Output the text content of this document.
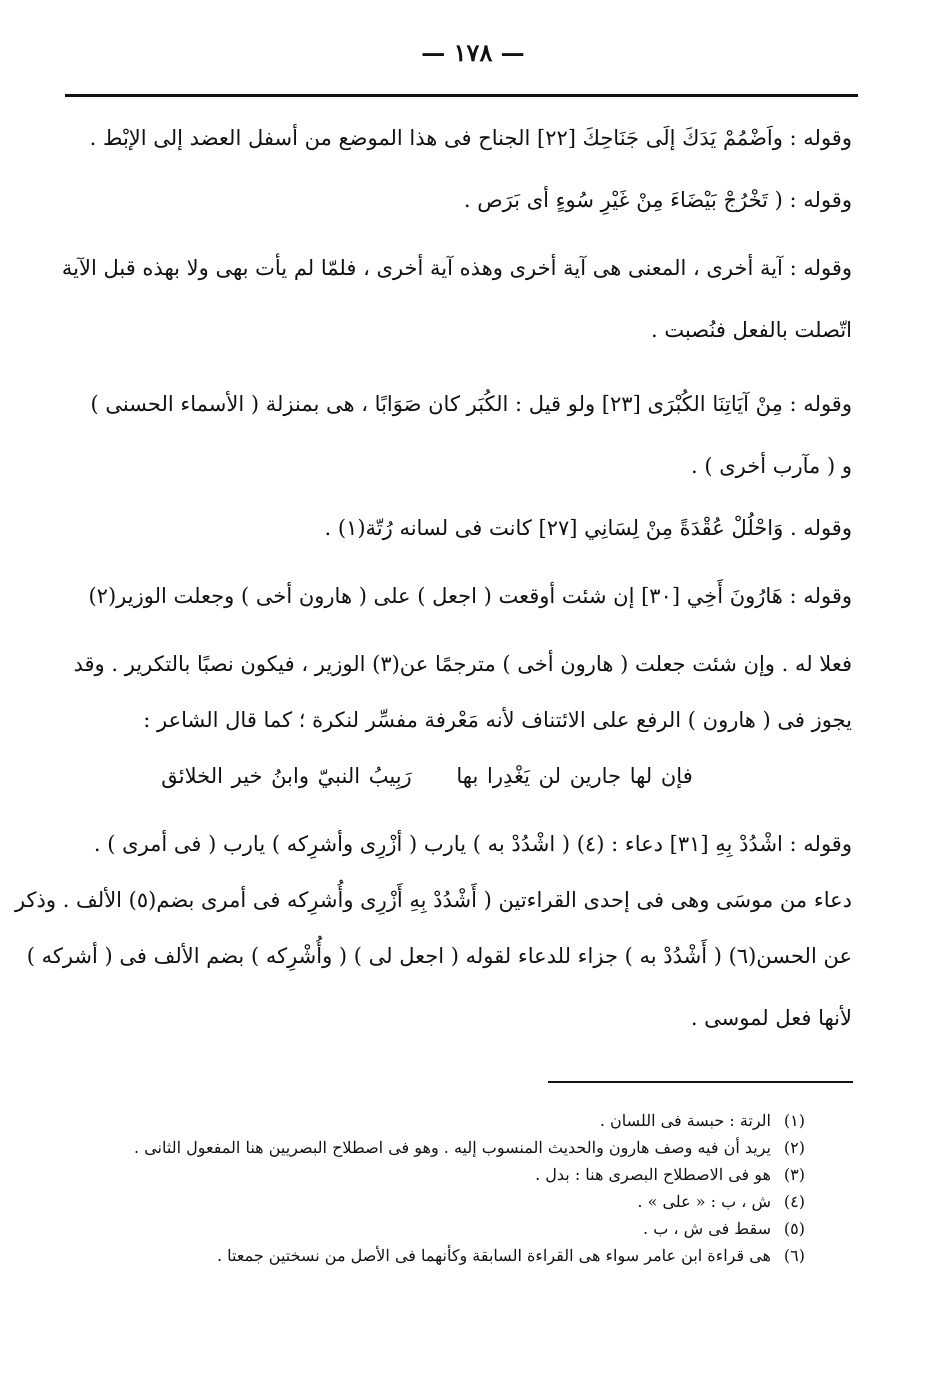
— ١٧٨ —
وقوله : واَضْمُمْ يَدَكَ إلَى جَنَاحِكَ [٢٢] الجناح فى هذا الموضع من أسفل العضد إلى الإبْط .
وقوله : ( تَخْرُجْ بَيْضَاءَ مِنْ غَيْرِ سُوءٍ أى بَرَص .
وقوله : آية أخرى ، المعنى هى آية أخرى وهذه آية أخرى ، فلمّا لم يأت بهى ولا بهذه قبل الآية
اتّصلت بالفعل فنُصبت .
وقوله : مِنْ آيَاتِنَا الكُبْرَى [٢٣] ولو قيل : الكُبَر كان صَوَابًا ، هى بمنزلة ( الأسماء الحسنى )
و ( مآرب أخرى ) .
وقوله . وَاحْلُلْ عُقْدَةً مِنْ لِسَانِي [٢٧] كانت فى لسانه رُتّة(١) .
وقوله : هَارُونَ أَخِي [٣٠] إن شئت أوقعت ( اجعل ) على ( هارون أخى ) وجعلت الوزير(٢)
فعلا له . وإن شئت جعلت ( هارون أخى ) مترجمًا عن(٣) الوزير ، فيكون نصبًا بالتكرير . وقد
يجوز فى ( هارون ) الرفع على الائتناف لأنه مَعْرفة مفسِّر لنكرة ؛ كما قال الشاعر :
فإن لها جارين لن يَغْدِرا بها رَبِيبُ النبيّ وابنُ خير الخلائق
وقوله : اشْدُدْ بِهِ [٣١] دعاء : (٤) ( اشْدُدْ به ) يارب ( أزْرِى وأشرِكه ) يارب ( فى أمرى ) .
دعاء من موسَى وهى فى إحدى القراءتين ( أَشْدُدْ بِهِ أَزْرِى وأُشرِكه فى أمرى بضم(٥) الألف . وذكر
عن الحسن(٦) ( أَشْدُدْ به ) جزاء للدعاء لقوله ( اجعل لى ) ( وأُشْرِكه ) بضم الألف فى ( أشركه )
لأنها فعل لموسى .
(١)الرتة : حبسة فى اللسان .
(٢)يريد أن فيه وصف هارون والحديث المنسوب إليه . وهو فى اصطلاح البصريين هنا المفعول الثانى .
(٣)هو فى الاصطلاح البصرى هنا : بدل .
(٤)ش ، ب : « على » .
(٥)سقط فى ش ، ب .
(٦)هى قراءة ابن عامر سواء هى القراءة السابقة وكأنهما فى الأصل من نسختين جمعتا .
